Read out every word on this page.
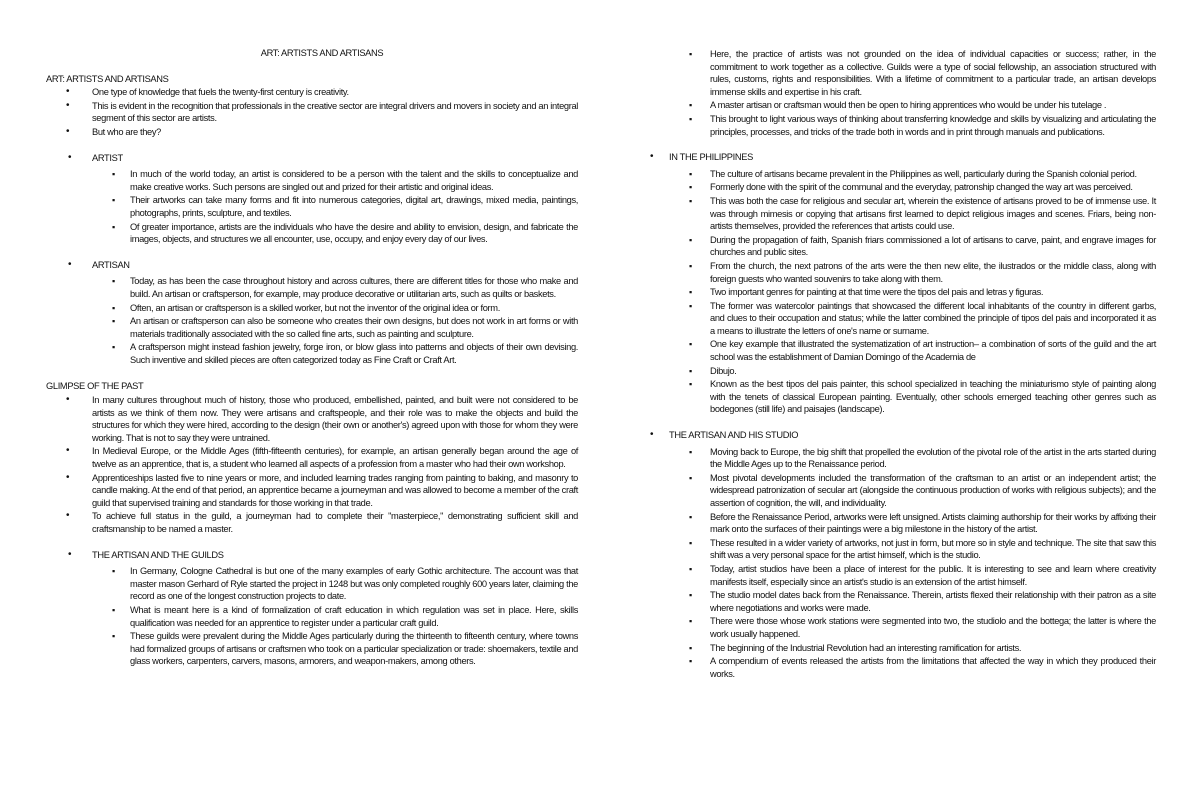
ART: ARTISTS AND ARTISANS
ART: ARTISTS AND ARTISANS
• One type of knowledge that fuels the twenty-first century is creativity.
• This is evident in the recognition that professionals in the creative sector are integral drivers and movers in society and an integral segment of this sector are artists.
• But who are they?
• ARTIST
▪ In much of the world today, an artist is considered to be a person with the talent and the skills to conceptualize and make creative works. Such persons are singled out and prized for their artistic and original ideas.
▪ Their artworks can take many forms and fit into numerous categories, digital art, drawings, mixed media, paintings, photographs, prints, sculpture, and textiles.
▪ Of greater importance, artists are the individuals who have the desire and ability to envision, design, and fabricate the images, objects, and structures we all encounter, use, occupy, and enjoy every day of our lives.
• ARTISAN
▪ Today, as has been the case throughout history and across cultures, there are different titles for those who make and build. An artisan or craftsperson, for example, may produce decorative or utilitarian arts, such as quilts or baskets.
▪ Often, an artisan or craftsperson is a skilled worker, but not the inventor of the original idea or form.
▪ An artisan or craftsperson can also be someone who creates their own designs, but does not work in art forms or with materials traditionally associated with the so called fine arts, such as painting and sculpture.
▪ A craftsperson might instead fashion jewelry, forge iron, or blow glass into patterns and objects of their own devising. Such inventive and skilled pieces are often categorized today as Fine Craft or Craft Art.
GLIMPSE OF THE PAST
• In many cultures throughout much of history, those who produced, embellished, painted, and built were not considered to be artists as we think of them now. They were artisans and craftspeople, and their role was to make the objects and build the structures for which they were hired, according to the design (their own or another's) agreed upon with those for whom they were working. That is not to say they were untrained.
• In Medieval Europe, or the Middle Ages (fifth-fifteenth centuries), for example, an artisan generally began around the age of twelve as an apprentice, that is, a student who learned all aspects of a profession from a master who had their own workshop.
• Apprenticeships lasted five to nine years or more, and included learning trades ranging from painting to baking, and masonry to candle making. At the end of that period, an apprentice became a journeyman and was allowed to become a member of the craft guild that supervised training and standards for those working in that trade.
• To achieve full status in the guild, a journeyman had to complete their "masterpiece," demonstrating sufficient skill and craftsmanship to be named a master.
• THE ARTISAN AND THE GUILDS
▪ In Germany, Cologne Cathedral is but one of the many examples of early Gothic architecture. The account was that master mason Gerhard of Ryle started the project in 1248 but was only completed roughly 600 years later, claiming the record as one of the longest construction projects to date.
▪ What is meant here is a kind of formalization of craft education in which regulation was set in place. Here, skills qualification was needed for an apprentice to register under a particular craft guild.
▪ These guilds were prevalent during the Middle Ages particularly during the thirteenth to fifteenth century, where towns had formalized groups of artisans or craftsmen who took on a particular specialization or trade: shoemakers, textile and glass workers, carpenters, carvers, masons, armorers, and weapon-makers, among others.
▪ Here, the practice of artists was not grounded on the idea of individual capacities or success; rather, in the commitment to work together as a collective. Guilds were a type of social fellowship, an association structured with rules, customs, rights and responsibilities. With a lifetime of commitment to a particular trade, an artisan develops immense skills and expertise in his craft.
▪ A master artisan or craftsman would then be open to hiring apprentices who would be under his tutelage .
▪ This brought to light various ways of thinking about transferring knowledge and skills by visualizing and articulating the principles, processes, and tricks of the trade both in words and in print through manuals and publications.
• IN THE PHILIPPINES
▪ The culture of artisans became prevalent in the Philippines as well, particularly during the Spanish colonial period.
▪ Formerly done with the spirit of the communal and the everyday, patronship changed the way art was perceived.
▪ This was both the case for religious and secular art, wherein the existence of artisans proved to be of immense use. It was through mimesis or copying that artisans first learned to depict religious images and scenes. Friars, being non-artists themselves, provided the references that artists could use.
▪ During the propagation of faith, Spanish friars commissioned a lot of artisans to carve, paint, and engrave images for churches and public sites.
▪ From the church, the next patrons of the arts were the then new elite, the ilustrados or the middle class, along with foreign guests who wanted souvenirs to take along with them.
▪ Two important genres for painting at that time were the tipos del pais and letras y figuras.
▪ The former was watercolor paintings that showcased the different local inhabitants of the country in different garbs, and clues to their occupation and status; while the latter combined the principle of tipos del pais and incorporated it as a means to illustrate the letters of one's name or surname.
▪ One key example that illustrated the systematization of art instruction– a combination of sorts of the guild and the art school was the establishment of Damian Domingo of the Academia de
▪ Dibujo.
▪ Known as the best tipos del pais painter, this school specialized in teaching the miniaturismo style of painting along with the tenets of classical European painting. Eventually, other schools emerged teaching other genres such as bodegones (still life) and paisajes (landscape).
• THE ARTISAN AND HIS STUDIO
▪ Moving back to Europe, the big shift that propelled the evolution of the pivotal role of the artist in the arts started during the Middle Ages up to the Renaissance period.
▪ Most pivotal developments included the transformation of the craftsman to an artist or an independent artist; the widespread patronization of secular art (alongside the continuous production of works with religious subjects); and the assertion of cognition, the will, and individuality.
▪ Before the Renaissance Period, artworks were left unsigned. Artists claiming authorship for their works by affixing their mark onto the surfaces of their paintings were a big milestone in the history of the artist.
▪ These resulted in a wider variety of artworks, not just in form, but more so in style and technique. The site that saw this shift was a very personal space for the artist himself, which is the studio.
▪ Today, artist studios have been a place of interest for the public. It is interesting to see and learn where creativity manifests itself, especially since an artist's studio is an extension of the artist himself.
▪ The studio model dates back from the Renaissance. Therein, artists flexed their relationship with their patron as a site where negotiations and works were made.
▪ There were those whose work stations were segmented into two, the studiolo and the bottega; the latter is where the work usually happened.
▪ The beginning of the Industrial Revolution had an interesting ramification for artists.
▪ A compendium of events released the artists from the limitations that affected the way in which they produced their works.
